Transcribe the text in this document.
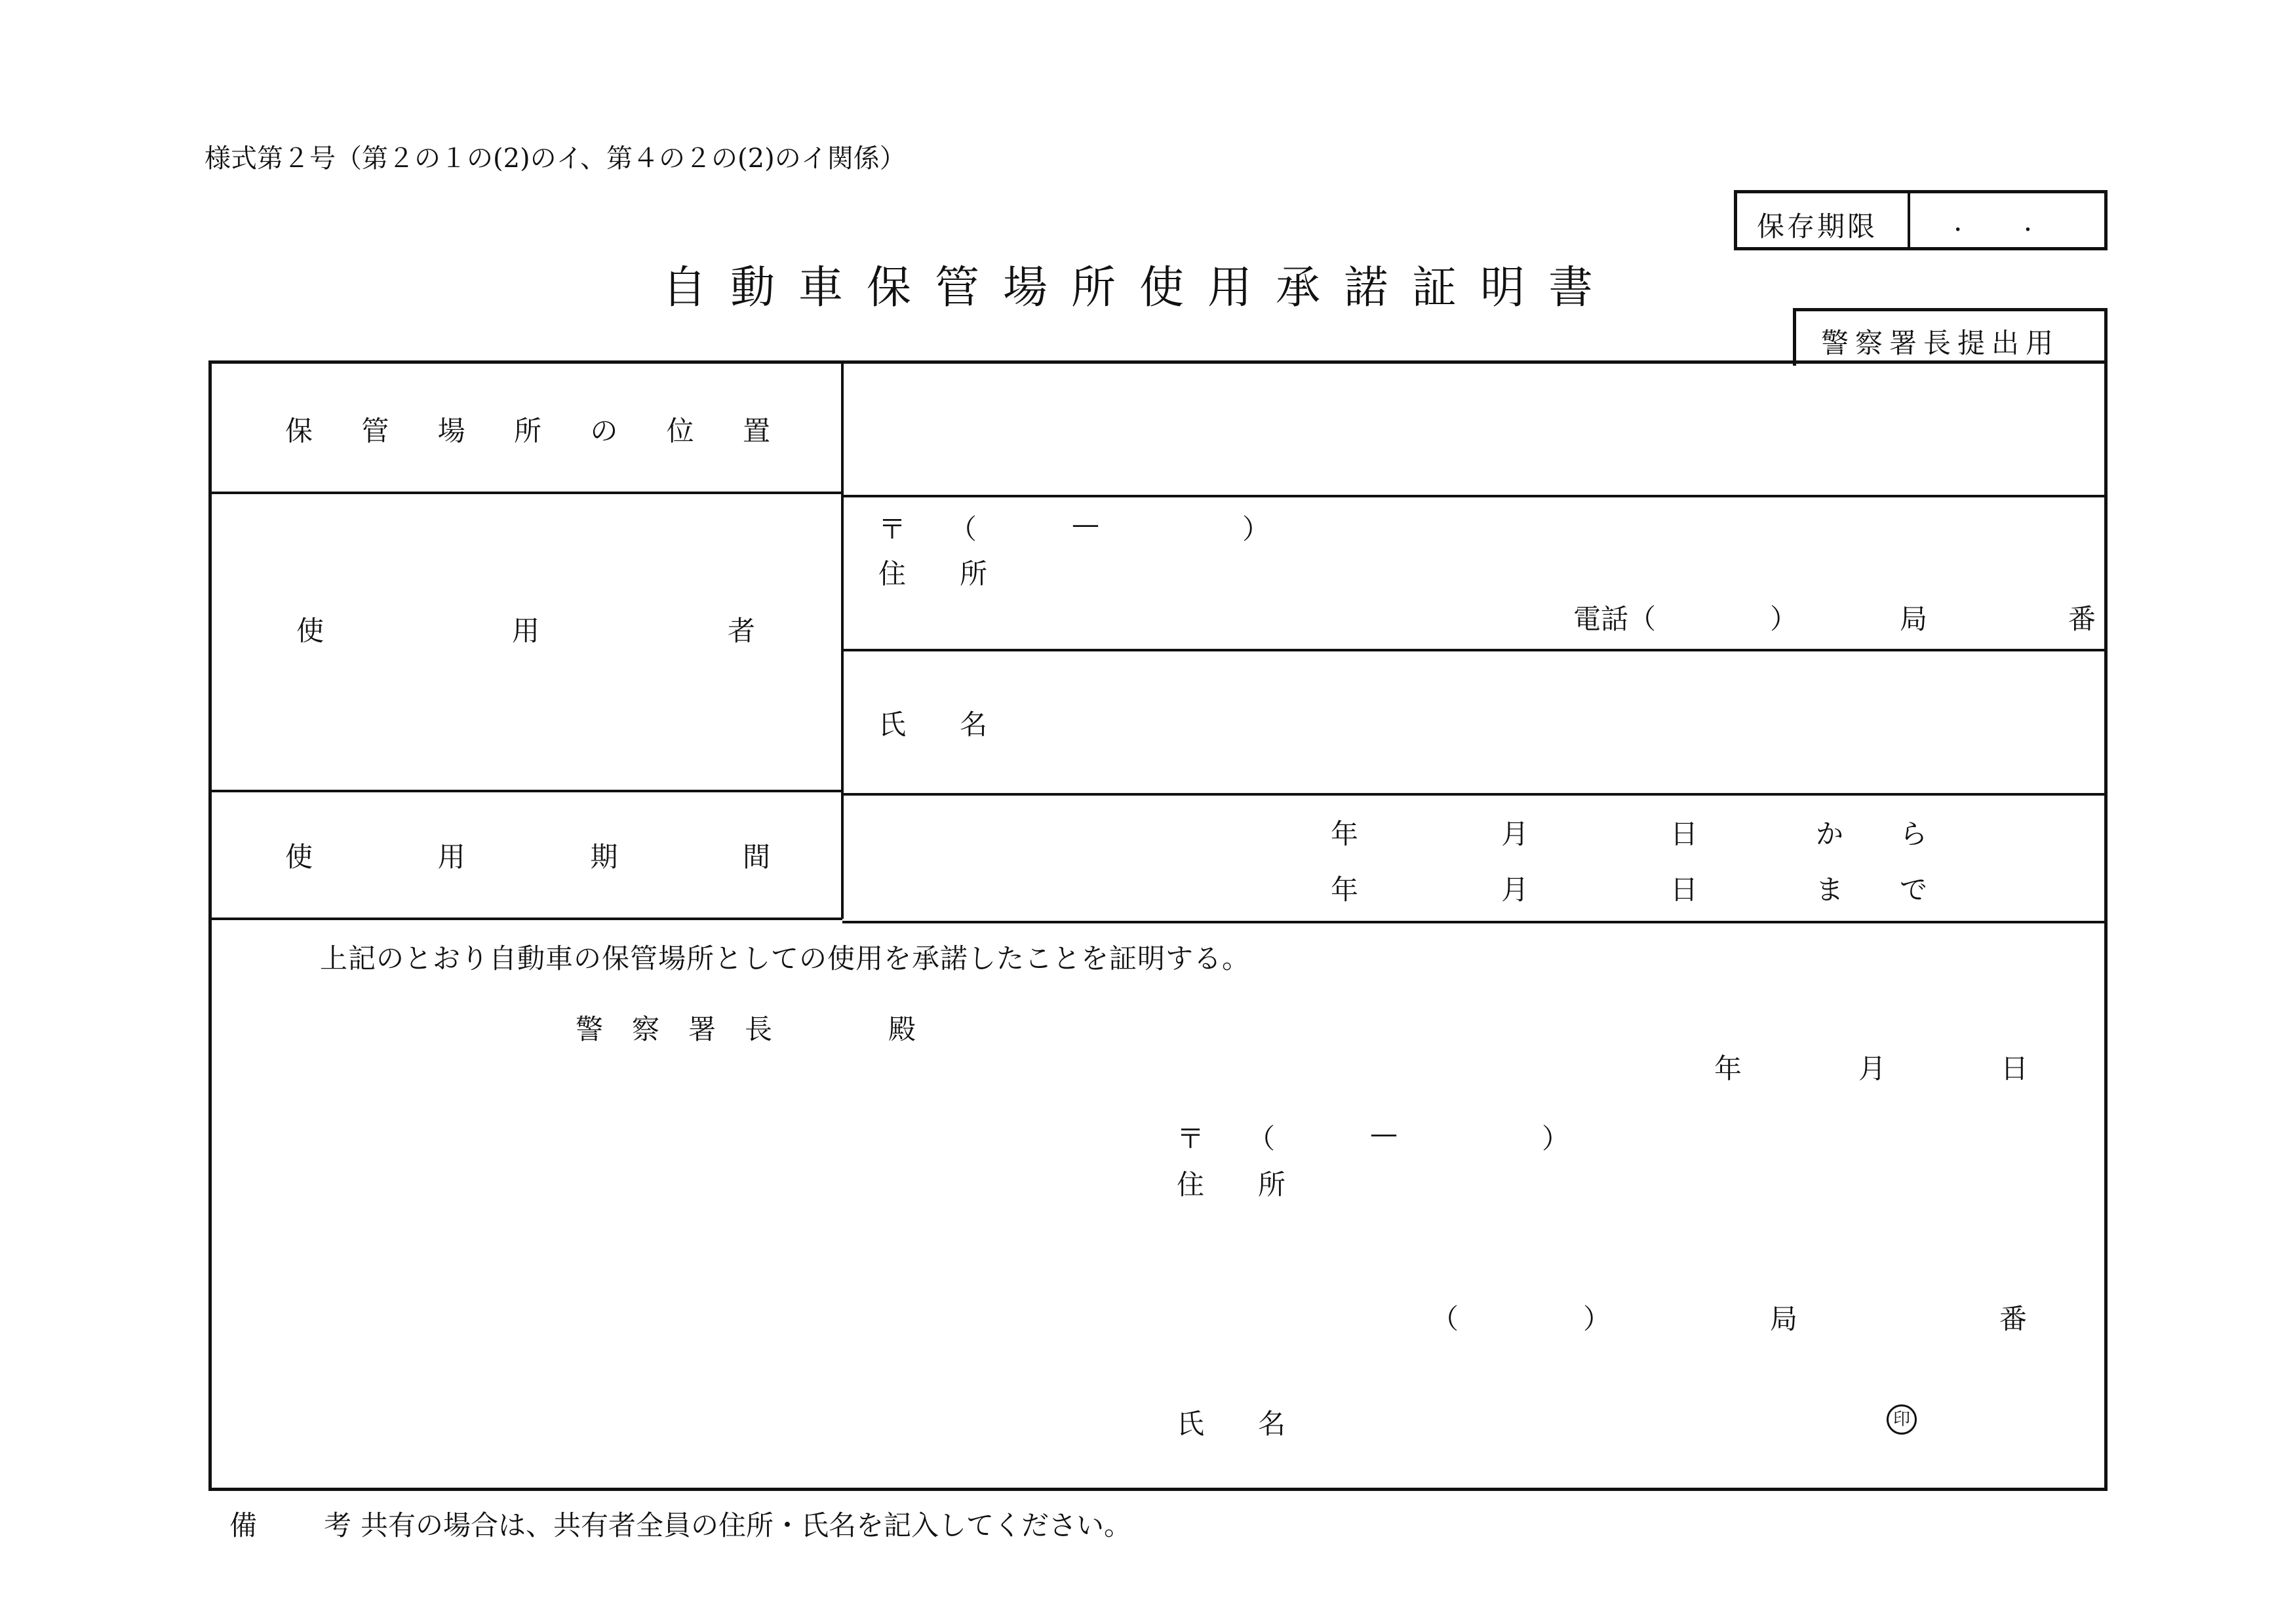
様式第２号（第２の１の(2)のイ、第４の２の(2)のイ関係）
保存期限	. .
自動車保管場所使用承諾証明書
警察署長提出用
保 管 場 所 の 位 置
使	用	者
〒 （	—	）
住　所
電話（	）	局	番
氏　名
使	用	期	間
年	月	日	か ら
年	月	日	ま で
上記のとおり自動車の保管場所としての使用を承諾したことを証明する。
警 察 署 長	殿
年	月	日
〒 （	—	）
住　所
（	）	局	番
氏　名	印
備　考
共有の場合は、共有者全員の住所・氏名を記入してください。
